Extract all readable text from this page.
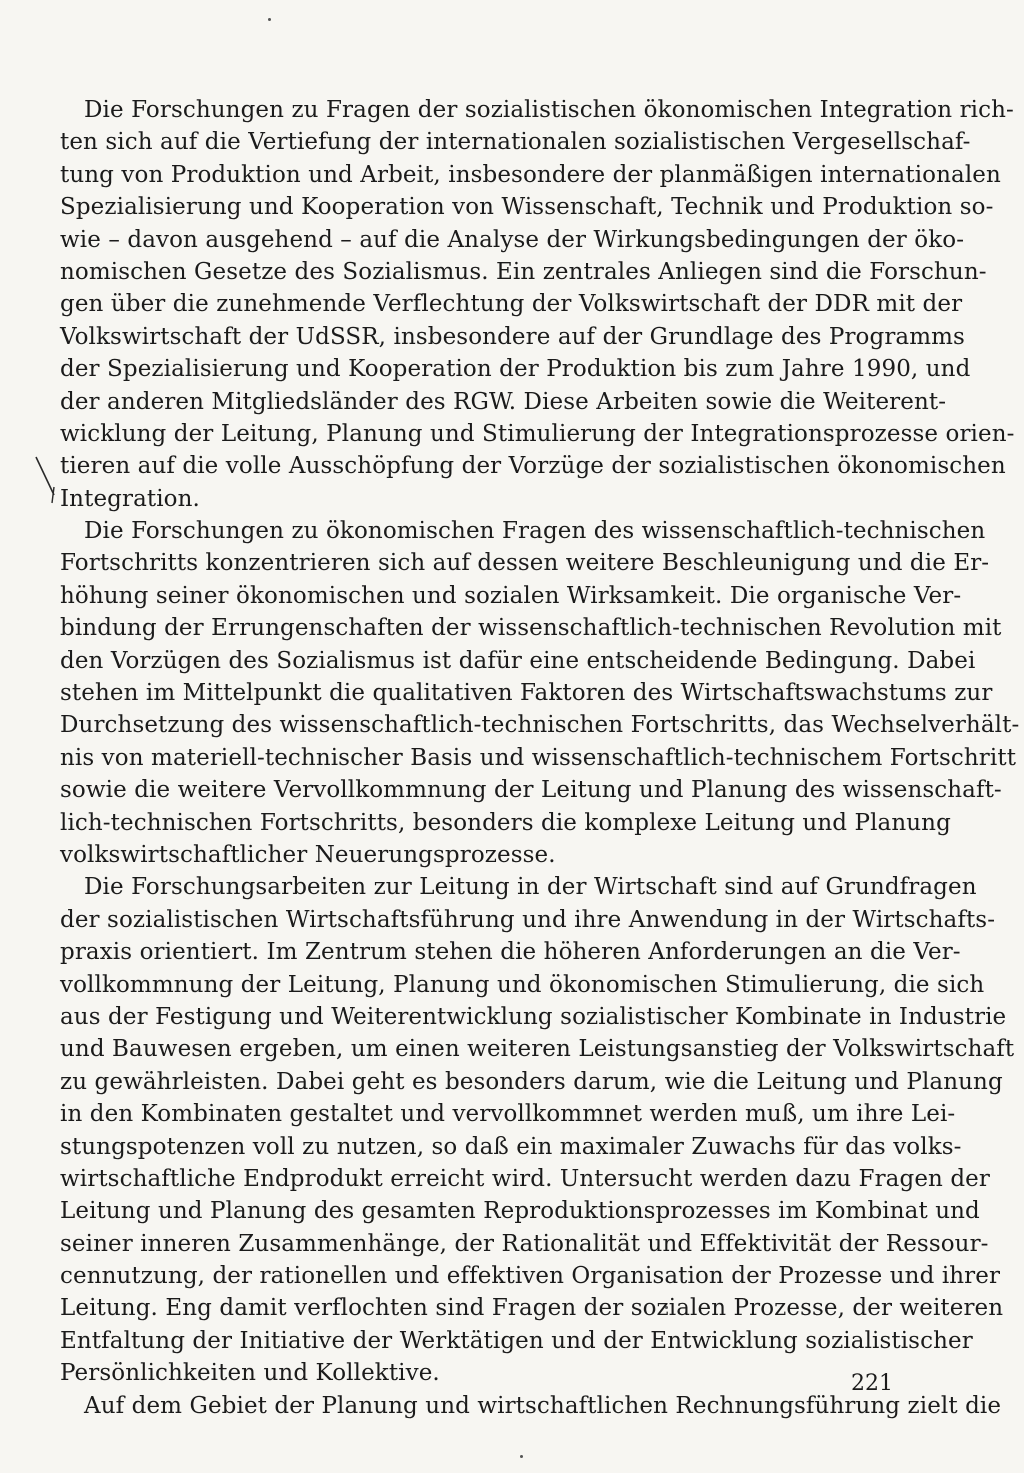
Die Forschungen zu Fragen der sozialistischen ökonomischen Integration rich-
ten sich auf die Vertiefung der internationalen sozialistischen Vergesellschaf-
tung von Produktion und Arbeit, insbesondere der planmäßigen internationalen
Spezialisierung und Kooperation von Wissenschaft, Technik und Produktion so-
wie – davon ausgehend – auf die Analyse der Wirkungsbedingungen der öko-
nomischen Gesetze des Sozialismus. Ein zentrales Anliegen sind die Forschun-
gen über die zunehmende Verflechtung der Volkswirtschaft der DDR mit der
Volkswirtschaft der UdSSR, insbesondere auf der Grundlage des Programms
der Spezialisierung und Kooperation der Produktion bis zum Jahre 1990, und
der anderen Mitgliedsländer des RGW. Diese Arbeiten sowie die Weiterent-
wicklung der Leitung, Planung und Stimulierung der Integrationsprozesse orien-
tieren auf die volle Ausschöpfung der Vorzüge der sozialistischen ökonomischen
Integration.
Die Forschungen zu ökonomischen Fragen des wissenschaftlich-technischen
Fortschritts konzentrieren sich auf dessen weitere Beschleunigung und die Er-
höhung seiner ökonomischen und sozialen Wirksamkeit. Die organische Ver-
bindung der Errungenschaften der wissenschaftlich-technischen Revolution mit
den Vorzügen des Sozialismus ist dafür eine entscheidende Bedingung. Dabei
stehen im Mittelpunkt die qualitativen Faktoren des Wirtschaftswachstums zur
Durchsetzung des wissenschaftlich-technischen Fortschritts, das Wechselverhält-
nis von materiell-technischer Basis und wissenschaftlich-technischem Fortschritt
sowie die weitere Vervollkommnung der Leitung und Planung des wissenschaft-
lich-technischen Fortschritts, besonders die komplexe Leitung und Planung
volkswirtschaftlicher Neuerungsprozesse.
Die Forschungsarbeiten zur Leitung in der Wirtschaft sind auf Grundfragen
der sozialistischen Wirtschaftsführung und ihre Anwendung in der Wirtschafts-
praxis orientiert. Im Zentrum stehen die höheren Anforderungen an die Ver-
vollkommnung der Leitung, Planung und ökonomischen Stimulierung, die sich
aus der Festigung und Weiterentwicklung sozialistischer Kombinate in Industrie
und Bauwesen ergeben, um einen weiteren Leistungsanstieg der Volkswirtschaft
zu gewährleisten. Dabei geht es besonders darum, wie die Leitung und Planung
in den Kombinaten gestaltet und vervollkommnet werden muß, um ihre Lei-
stungspotenzen voll zu nutzen, so daß ein maximaler Zuwachs für das volks-
wirtschaftliche Endprodukt erreicht wird. Untersucht werden dazu Fragen der
Leitung und Planung des gesamten Reproduktionsprozesses im Kombinat und
seiner inneren Zusammenhänge, der Rationalität und Effektivität der Ressour-
cennutzung, der rationellen und effektiven Organisation der Prozesse und ihrer
Leitung. Eng damit verflochten sind Fragen der sozialen Prozesse, der weiteren
Entfaltung der Initiative der Werktätigen und der Entwicklung sozialistischer
Persönlichkeiten und Kollektive.
Auf dem Gebiet der Planung und wirtschaftlichen Rechnungsführung zielt die
221
